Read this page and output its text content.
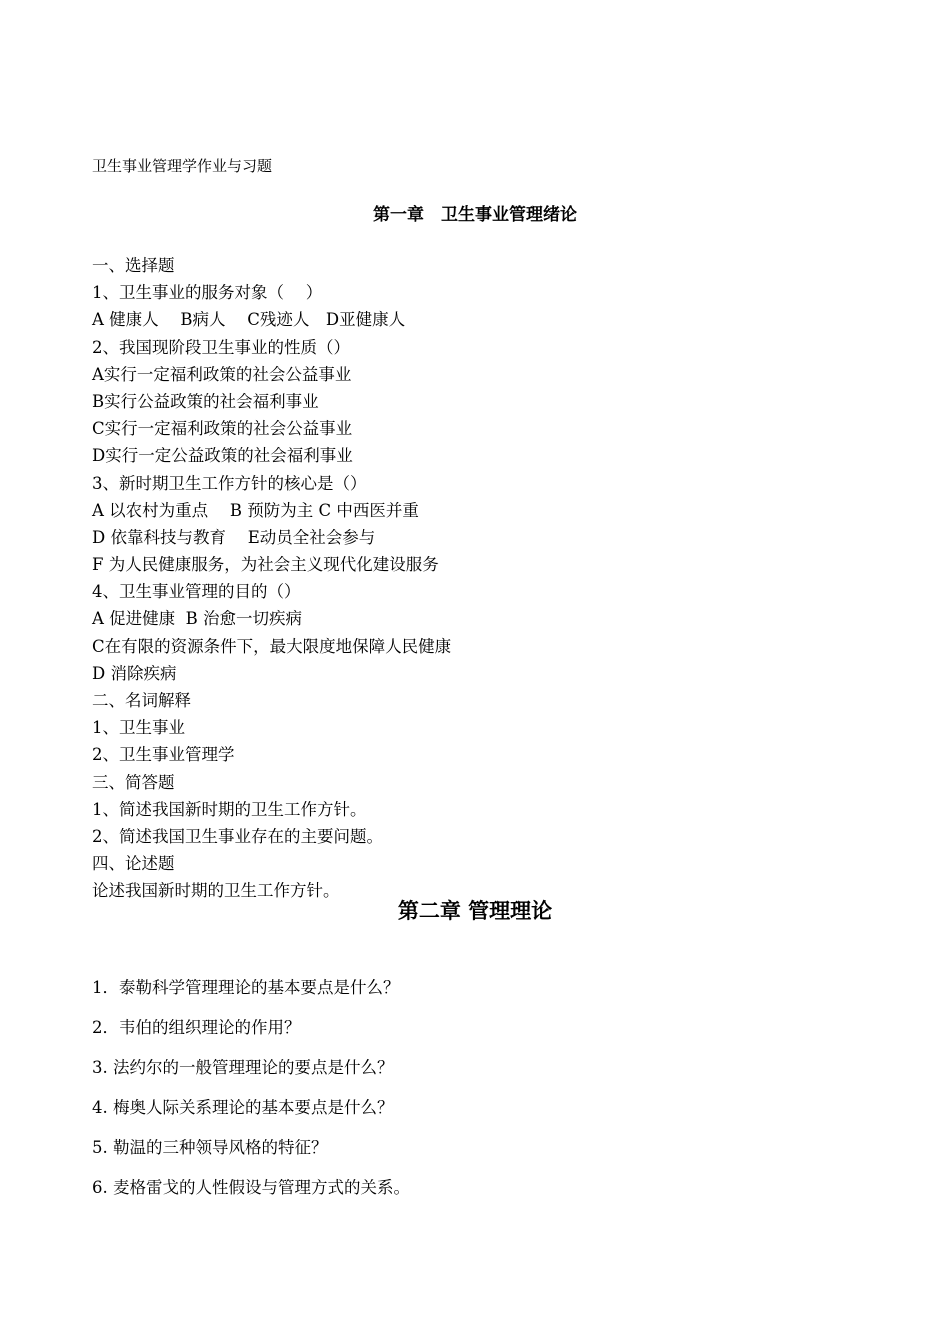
卫生事业管理学作业与习题
第一章　卫生事业管理绪论
一、选择题
1、卫生事业的服务对象（　 ）
A 健康人　 B病人　 C残迹人　D亚健康人
2、我国现阶段卫生事业的性质（）
A实行一定福利政策的社会公益事业
B实行公益政策的社会福利事业
C实行一定福利政策的社会公益事业
D实行一定公益政策的社会福利事业
3、新时期卫生工作方针的核心是（）
A 以农村为重点　 B 预防为主 C 中西医并重
D 依靠科技与教育　 E动员全社会参与
F 为人民健康服务，为社会主义现代化建设服务
4、卫生事业管理的目的（）
A 促进健康  B 治愈一切疾病
C在有限的资源条件下，最大限度地保障人民健康
D 消除疾病
二、名词解释
1、卫生事业
2、卫生事业管理学
三、简答题
1、简述我国新时期的卫生工作方针。
2、简述我国卫生事业存在的主要问题。
四、论述题
论述我国新时期的卫生工作方针。
第二章 管理理论
1．泰勒科学管理理论的基本要点是什么？
2．韦伯的组织理论的作用？
3. 法约尔的一般管理理论的要点是什么？
4. 梅奥人际关系理论的基本要点是什么？
5. 勒温的三种领导风格的特征？
6. 麦格雷戈的人性假设与管理方式的关系。
